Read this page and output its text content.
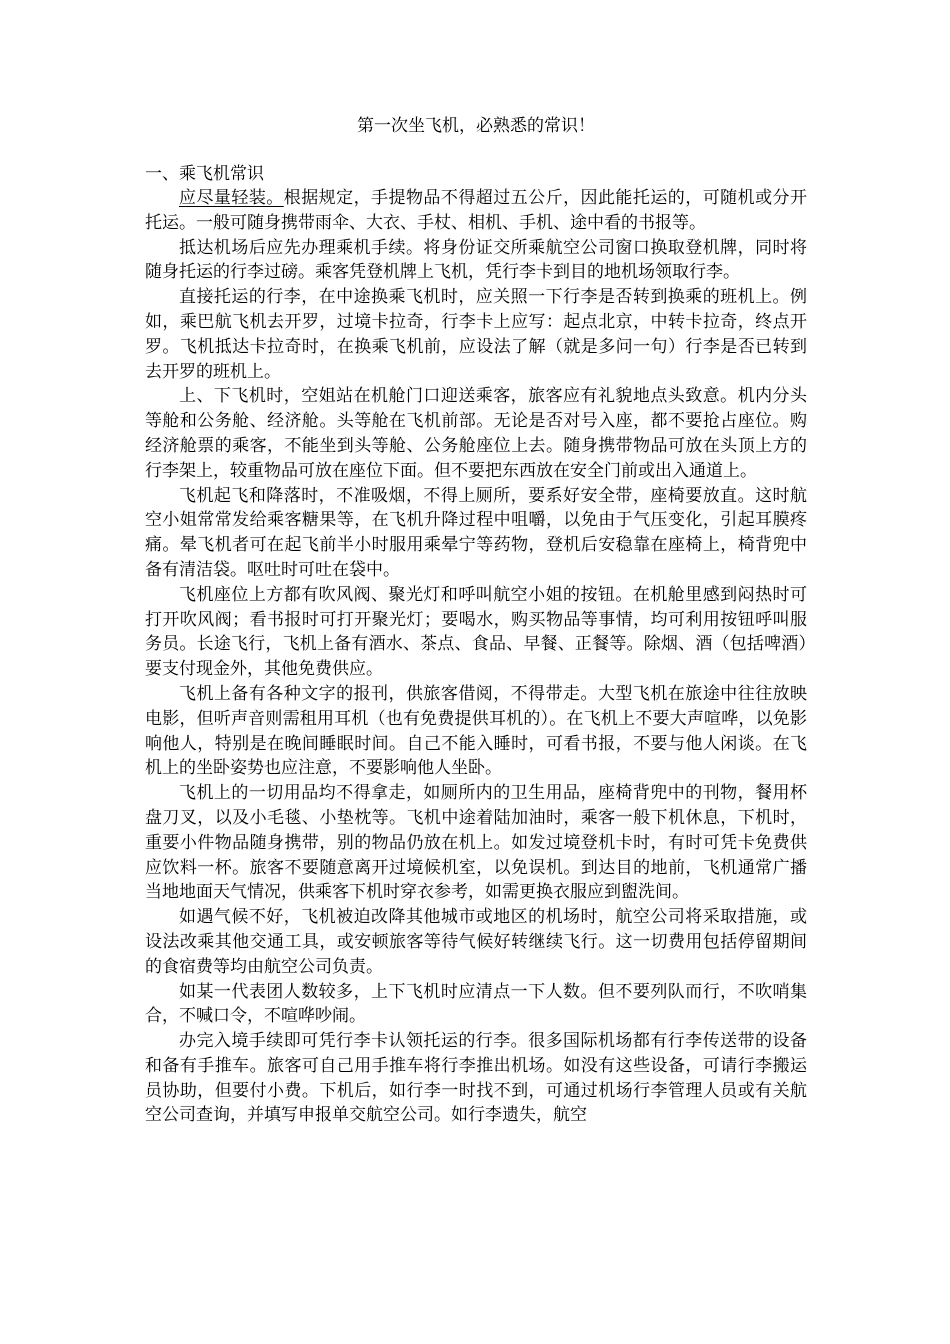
第一次坐飞机，必熟悉的常识！

一、乘飞机常识

应尽量轻装。根据规定，手提物品不得超过五公斤，因此能托运的，可随机或分开托运。一般可随身携带雨伞、大衣、手杖、相机、手机、途中看的书报等。

抵达机场后应先办理乘机手续。将身份证交所乘航空公司窗口换取登机牌，同时将随身托运的行李过磅。乘客凭登机牌上飞机，凭行李卡到目的地机场领取行李。

直接托运的行李，在中途换乘飞机时，应关照一下行李是否转到换乘的班机上。例如，乘巴航飞机去开罗，过境卡拉奇，行李卡上应写：起点北京，中转卡拉奇，终点开罗。飞机抵达卡拉奇时，在换乘飞机前，应设法了解（就是多问一句）行李是否已转到去开罗的班机上。

上、下飞机时，空姐站在机舱门口迎送乘客，旅客应有礼貌地点头致意。机内分头等舱和公务舱、经济舱。头等舱在飞机前部。无论是否对号入座，都不要抢占座位。购经济舱票的乘客，不能坐到头等舱、公务舱座位上去。随身携带物品可放在头顶上方的行李架上，较重物品可放在座位下面。但不要把东西放在安全门前或出入通道上。

飞机起飞和降落时，不准吸烟，不得上厕所，要系好安全带，座椅要放直。这时航空小姐常常发给乘客糖果等，在飞机升降过程中咀嚼，以免由于气压变化，引起耳膜疼痛。晕飞机者可在起飞前半小时服用乘晕宁等药物，登机后安稳靠在座椅上，椅背兜中备有清洁袋。呕吐时可吐在袋中。

飞机座位上方都有吹风阀、聚光灯和呼叫航空小姐的按钮。在机舱里感到闷热时可打开吹风阀；看书报时可打开聚光灯；要喝水，购买物品等事情，均可利用按钮呼叫服务员。长途飞行，飞机上备有酒水、茶点、食品、早餐、正餐等。除烟、酒（包括啤酒）要支付现金外，其他免费供应。

飞机上备有各种文字的报刊，供旅客借阅，不得带走。大型飞机在旅途中往往放映电影，但听声音则需租用耳机（也有免费提供耳机的）。在飞机上不要大声喧哗，以免影响他人，特别是在晚间睡眠时间。自己不能入睡时，可看书报，不要与他人闲谈。在飞机上的坐卧姿势也应注意，不要影响他人坐卧。

飞机上的一切用品均不得拿走，如厕所内的卫生用品，座椅背兜中的刊物，餐用杯盘刀叉，以及小毛毯、小垫枕等。飞机中途着陆加油时，乘客一般下机休息，下机时，重要小件物品随身携带，别的物品仍放在机上。如发过境登机卡时，有时可凭卡免费供应饮料一杯。旅客不要随意离开过境候机室，以免误机。到达目的地前，飞机通常广播当地地面天气情况，供乘客下机时穿衣参考，如需更换衣服应到盥洗间。

如遇气候不好，飞机被迫改降其他城市或地区的机场时，航空公司将采取措施，或设法改乘其他交通工具，或安顿旅客等待气候好转继续飞行。这一切费用包括停留期间的食宿费等均由航空公司负责。

如某一代表团人数较多，上下飞机时应清点一下人数。但不要列队而行，不吹哨集合，不喊口令，不喧哗吵闹。

办完入境手续即可凭行李卡认领托运的行李。很多国际机场都有行李传送带的设备和备有手推车。旅客可自己用手推车将行李推出机场。如没有这些设备，可请行李搬运员协助，但要付小费。下机后，如行李一时找不到，可通过机场行李管理人员或有关航空公司查询，并填写申报单交航空公司。如行李遗失，航空
